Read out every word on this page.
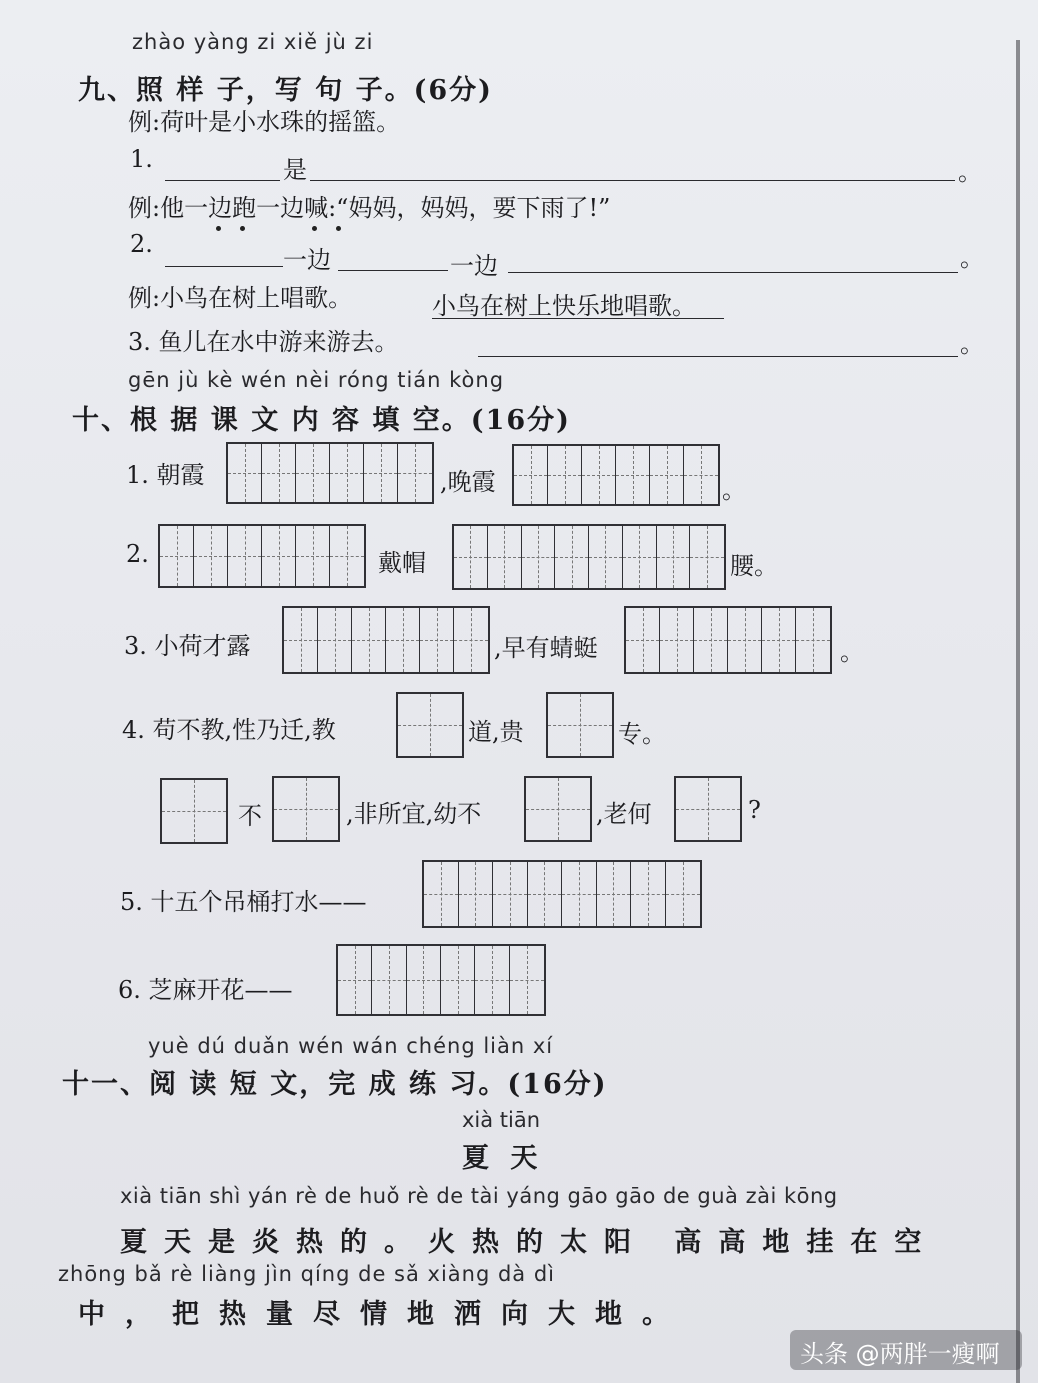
zhào yàng zi xiě jù zi
九、照 样 子，写 句 子。(6分)
例:荷叶是小水珠的摇篮。
1.	是	。
例:他一边跑一边喊:“妈妈，妈妈，要下雨了!”
2.
一边	一边	。
例:小鸟在树上唱歌。	小鸟在树上快乐地唱歌。
3. 鱼儿在水中游来游去。	。
gēn jù kè wén nèi róng tián kòng
十、根 据 课 文 内 容 填 空。(16分)
1. 朝霞	,晚霞	。
2.	戴帽	腰。
3. 小荷才露	,早有蜻蜓	。
4. 苟不教,性乃迁,教	道,贵	专。
不	,非所宜,幼不	,老何	?
5. 十五个吊桶打水——
6. 芝麻开花——
yuè dú duǎn wén wán chéng liàn xí
十一、阅 读 短 文，完 成 练 习。(16分)
xià tiān
夏 天
xià tiān shì yán rè de huǒ rè de tài yáng gāo gāo de guà zài kōng
夏天是炎热的。火热的太阳 高高地挂在空
zhōng bǎ rè liàng jìn qíng de sǎ xiàng dà dì
中，把热量尽情地洒向大地。
头条 @两胖一瘦啊
